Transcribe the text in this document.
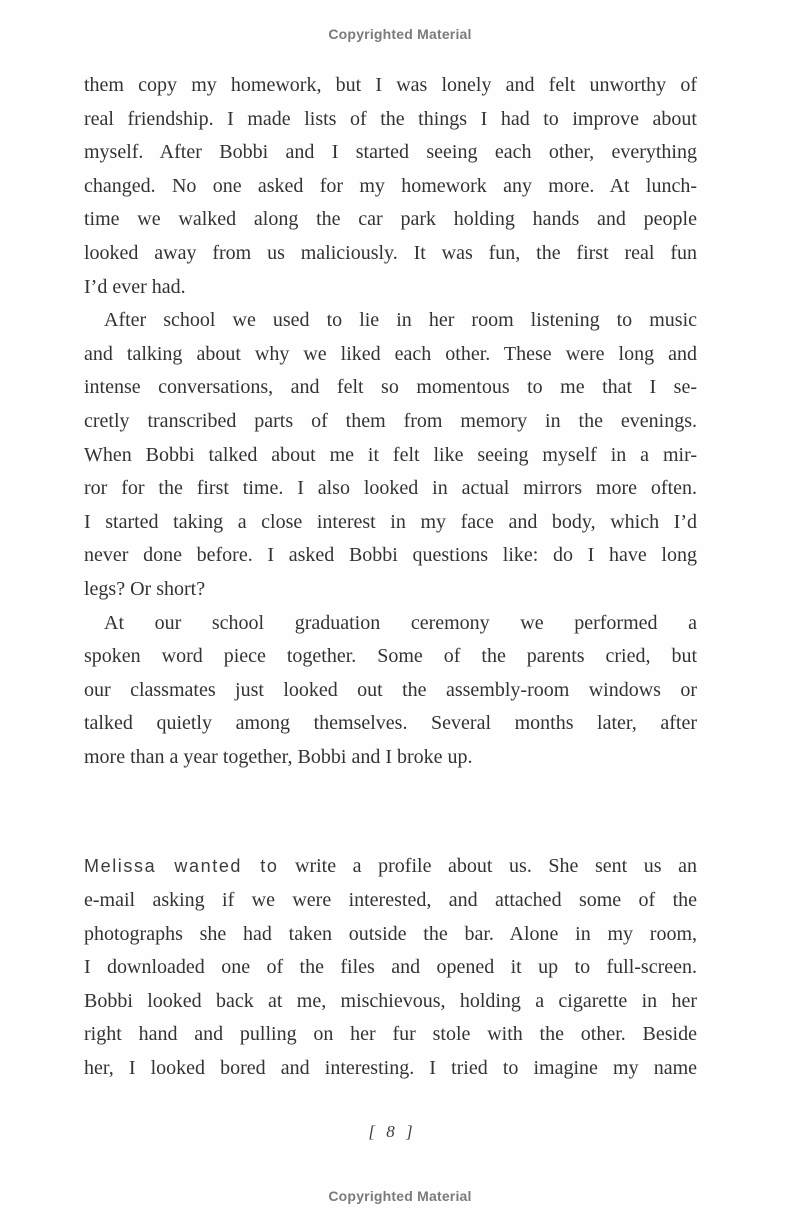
Copyrighted Material
them copy my homework, but I was lonely and felt unworthy of
real friendship. I made lists of the things I had to improve about
myself. After Bobbi and I started seeing each other, everything
changed. No one asked for my homework any more. At lunch-
time we walked along the car park holding hands and people
looked away from us maliciously. It was fun, the first real fun
I’d ever had.
After school we used to lie in her room listening to music
and talking about why we liked each other. These were long and
intense conversations, and felt so momentous to me that I se-
cretly transcribed parts of them from memory in the evenings.
When Bobbi talked about me it felt like seeing myself in a mir-
ror for the first time. I also looked in actual mirrors more often.
I started taking a close interest in my face and body, which I’d
never done before. I asked Bobbi questions like: do I have long
legs? Or short?
At our school graduation ceremony we performed a
spoken word piece together. Some of the parents cried, but
our classmates just looked out the assembly-room windows or
talked quietly among themselves. Several months later, after
more than a year together, Bobbi and I broke up.
Melissa wanted to write a profile about us. She sent us an
e-mail asking if we were interested, and attached some of the
photographs she had taken outside the bar. Alone in my room,
I downloaded one of the files and opened it up to full-screen.
Bobbi looked back at me, mischievous, holding a cigarette in her
right hand and pulling on her fur stole with the other. Beside
her, I looked bored and interesting. I tried to imagine my name
[ 8 ]
Copyrighted Material
